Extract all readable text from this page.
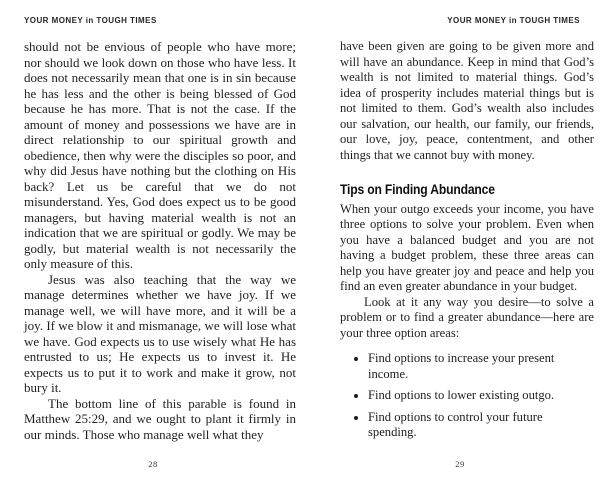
YOUR MONEY in TOUGH TIMES	YOUR MONEY in TOUGH TIMES

should not be envious of people who have more; nor should we look down on those who have less. It does not necessarily mean that one is in sin because he has less and the other is being blessed of God because he has more. That is not the case. If the amount of money and possessions we have are in direct relationship to our spiritual growth and obedience, then why were the disciples so poor, and why did Jesus have nothing but the clothing on His back? Let us be careful that we do not misunderstand. Yes, God does expect us to be good managers, but having material wealth is not an indication that we are spiritual or godly. We may be godly, but material wealth is not necessarily the only measure of this.

Jesus was also teaching that the way we manage determines whether we have joy. If we manage well, we will have more, and it will be a joy. If we blow it and mismanage, we will lose what we have. God expects us to use wisely what He has entrusted to us; He expects us to invest it. He expects us to put it to work and make it grow, not bury it.

The bottom line of this parable is found in Matthew 25:29, and we ought to plant it firmly in our minds. Those who manage well what they

have been given are going to be given more and will have an abundance. Keep in mind that God’s wealth is not limited to material things. God’s idea of prosperity includes material things but is not limited to them. God’s wealth also includes our salvation, our health, our family, our friends, our love, joy, peace, contentment, and other things that we cannot buy with money.

Tips on Finding Abundance

When your outgo exceeds your income, you have three options to solve your problem. Even when you have a balanced budget and you are not having a budget problem, these three areas can help you have greater joy and peace and help you find an even greater abundance in your budget.

Look at it any way you desire—to solve a problem or to find a greater abundance—here are your three option areas:

• Find options to increase your present income.
• Find options to lower existing outgo.
• Find options to control your future spending.
28	29
